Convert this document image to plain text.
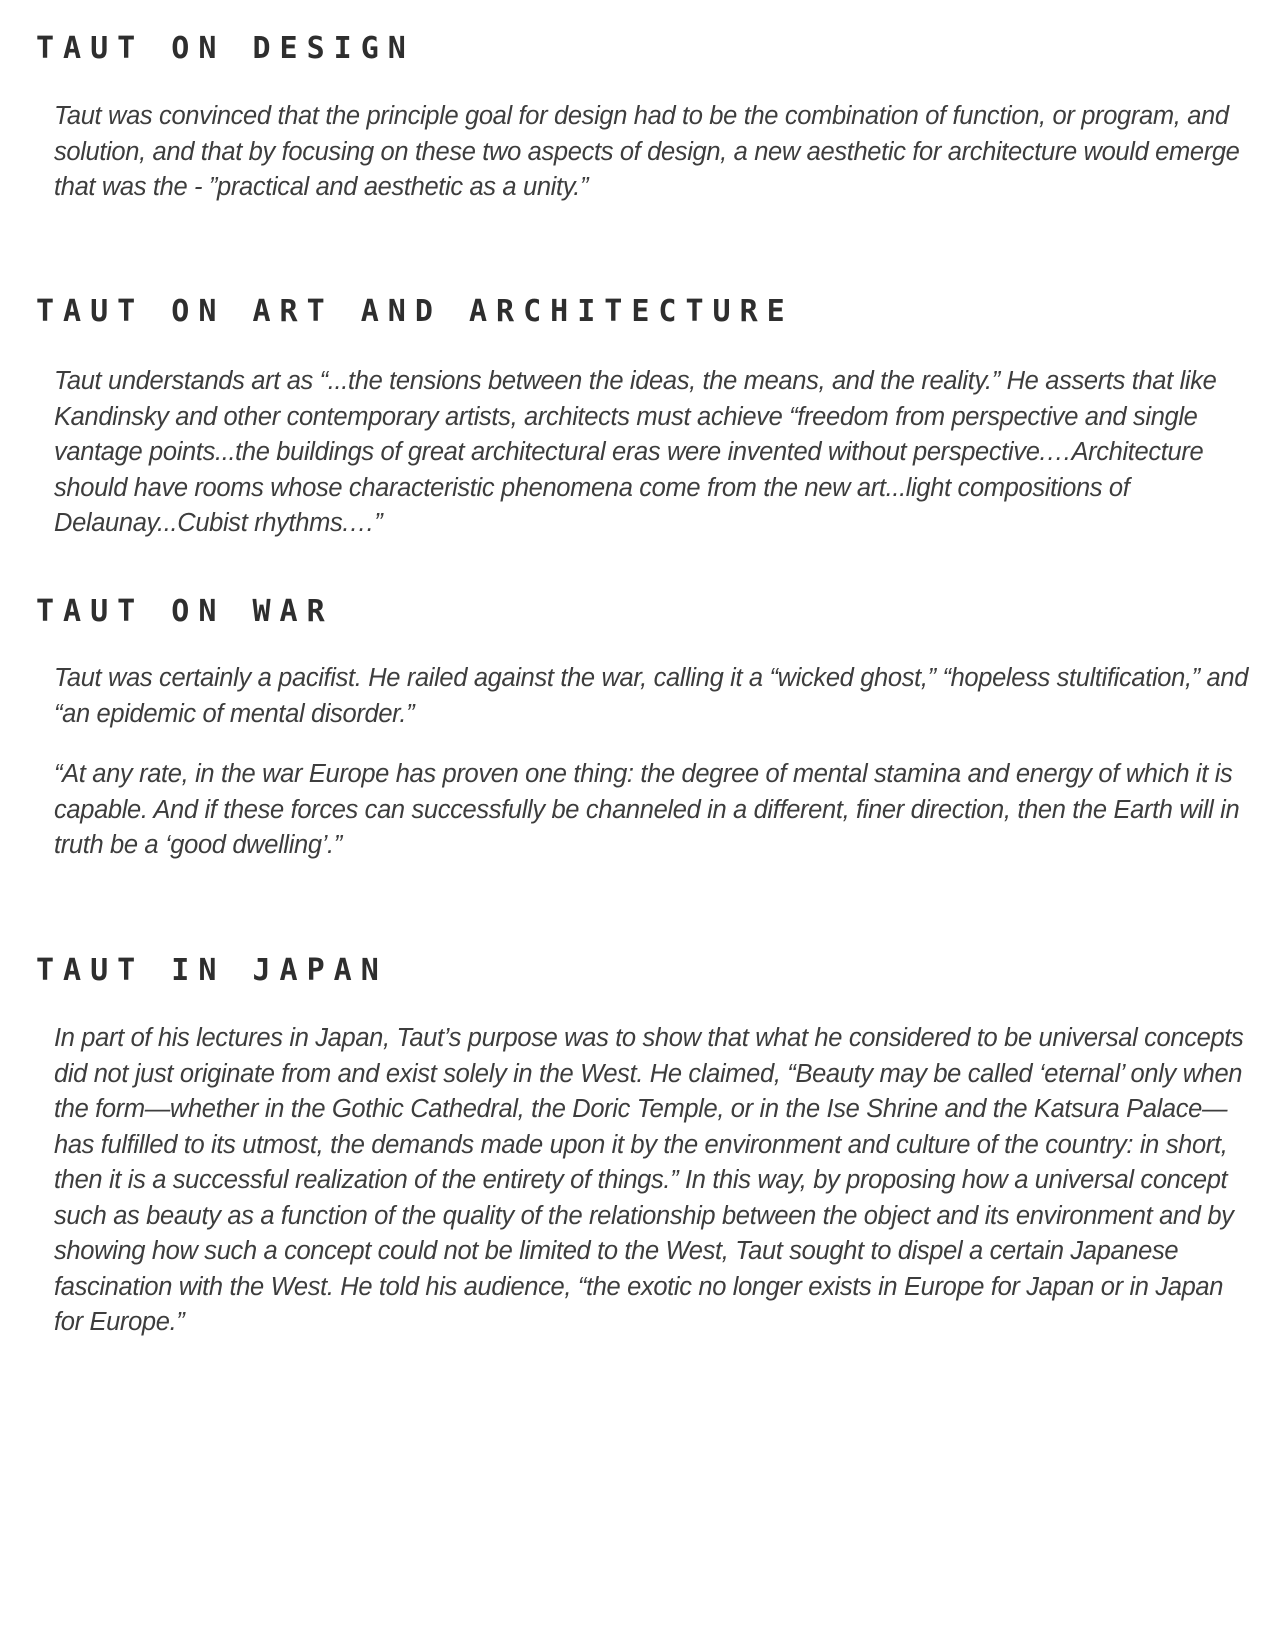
TAUT ON DESIGN

Taut was convinced that the principle goal for design had to be the combination of function, or program, and solution, and that by focusing on these two aspects of design, a new aesthetic for architecture would emerge that was the - ”practical and aesthetic as a unity.”

TAUT ON ART AND ARCHITECTURE

Taut understands art as “...the tensions between the ideas, the means, and the reality.” He asserts that like Kandinsky and other contemporary artists, architects must achieve “freedom from perspective and single vantage points...the buildings of great architectural eras were invented without perspective.…Architecture should have rooms whose characteristic phenomena come from the new art...light compositions of Delaunay...Cubist rhythms.…”

TAUT ON WAR

Taut was certainly a pacifist. He railed against the war, calling it a “wicked ghost,” “hopeless stultification,” and “an epidemic of mental disorder.”

“At any rate, in the war Europe has proven one thing: the degree of mental stamina and energy of which it is capable. And if these forces can successfully be channeled in a different, finer direction, then the Earth will in truth be a ‘good dwelling’.”

TAUT IN JAPAN

In part of his lectures in Japan, Taut’s purpose was to show that what he considered to be universal concepts did not just originate from and exist solely in the West. He claimed, “Beauty may be called ‘eternal’ only when the form—whether in the Gothic Cathedral, the Doric Temple, or in the Ise Shrine and the Katsura Palace—has fulfilled to its utmost, the demands made upon it by the environment and culture of the country: in short, then it is a successful realization of the entirety of things.” In this way, by proposing how a universal concept such as beauty as a function of the quality of the relationship between the object and its environment and by showing how such a concept could not be limited to the West, Taut sought to dispel a certain Japanese fascination with the West. He told his audience, “the exotic no longer exists in Europe for Japan or in Japan for Europe.”
